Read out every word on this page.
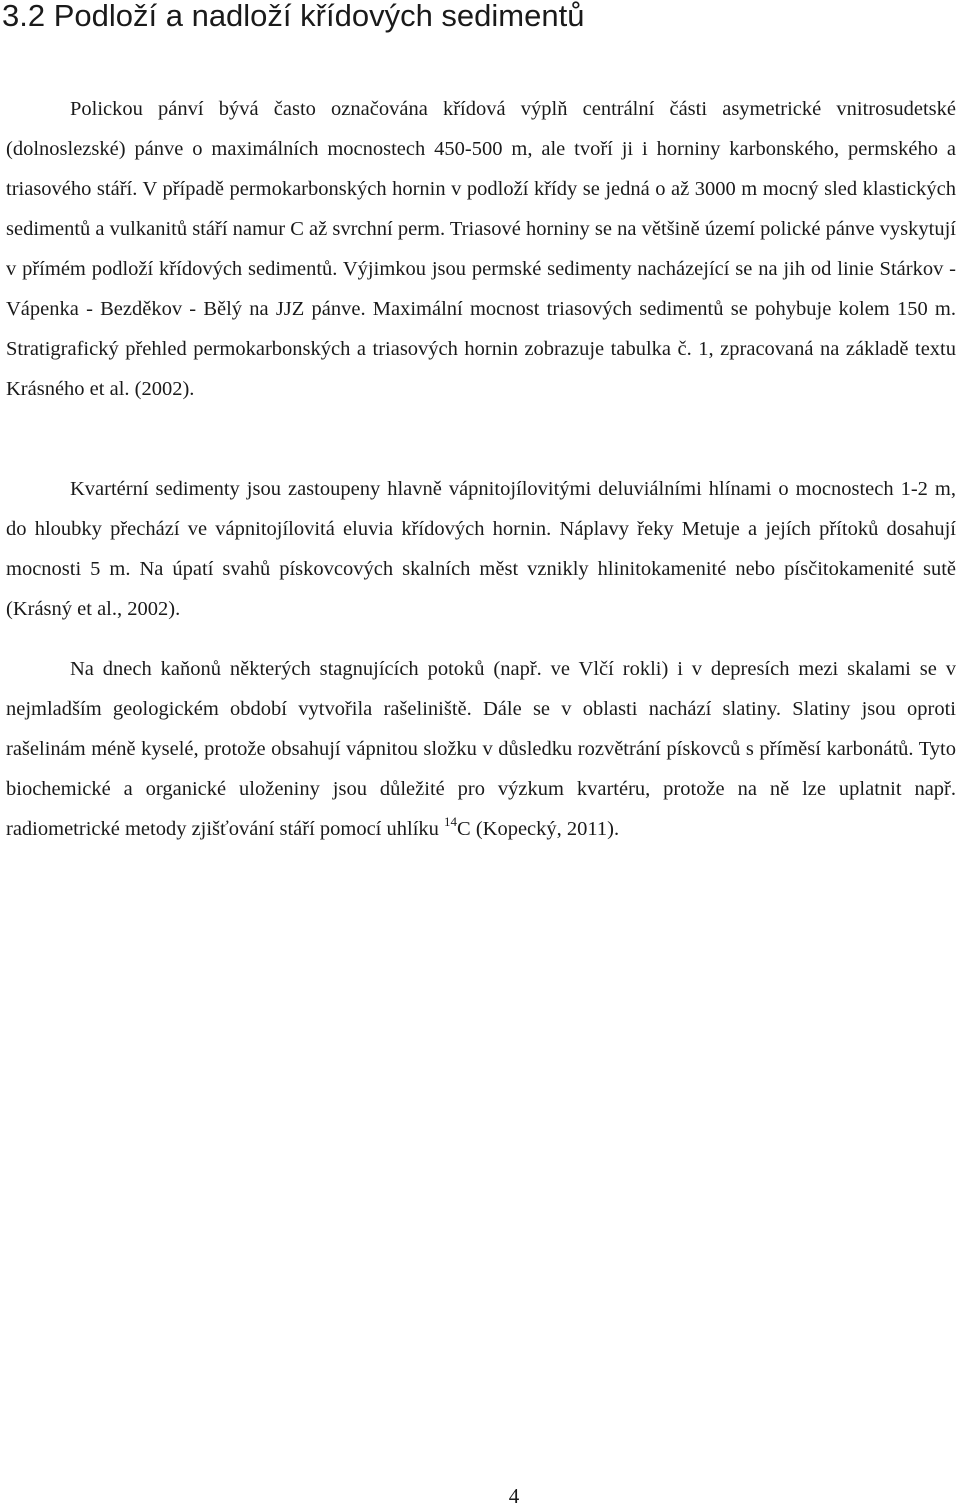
3.2 Podloží a nadloží křídových sedimentů

Polickou pánví bývá často označována křídová výplň centrální části asymetrické vnitrosudetské (dolnoslezské) pánve o maximálních mocnostech 450-500 m, ale tvoří ji i horniny karbonského, permského a triasového stáří. V případě permokarbonských hornin v podloží křídy se jedná o až 3000 m mocný sled klastických sedimentů a vulkanitů stáří namur C až svrchní perm. Triasové horniny se na většině území polické pánve vyskytují v přímém podloží křídových sedimentů. Výjimkou jsou permské sedimenty nacházející se na jih od linie Stárkov - Vápenka - Bezděkov - Bělý na JJZ pánve. Maximální mocnost triasových sedimentů se pohybuje kolem 150 m. Stratigrafický přehled permokarbonských a triasových hornin zobrazuje tabulka č. 1, zpracovaná na základě textu Krásného et al. (2002).

Kvartérní sedimenty jsou zastoupeny hlavně vápnitojílovitými deluviálními hlínami o mocnostech 1-2 m, do hloubky přechází ve vápnitojílovitá eluvia křídových hornin. Náplavy řeky Metuje a jejích přítoků dosahují mocnosti 5 m. Na úpatí svahů pískovcových skalních měst vznikly hlinitokamenité nebo písčitokamenité sutě (Krásný et al., 2002).

Na dnech kaňonů některých stagnujících potoků (např. ve Vlčí rokli) i v depresích mezi skalami se v nejmladším geologickém období vytvořila rašeliniště. Dále se v oblasti nachází slatiny. Slatiny jsou oproti rašelinám méně kyselé, protože obsahují vápnitou složku v důsledku rozvětrání pískovců s příměsí karbonátů. Tyto biochemické a organické uloženiny jsou důležité pro výzkum kvartéru, protože na ně lze uplatnit např. radiometrické metody zjišťování stáří pomocí uhlíku $^{14}$C (Kopecký, 2011).

4
